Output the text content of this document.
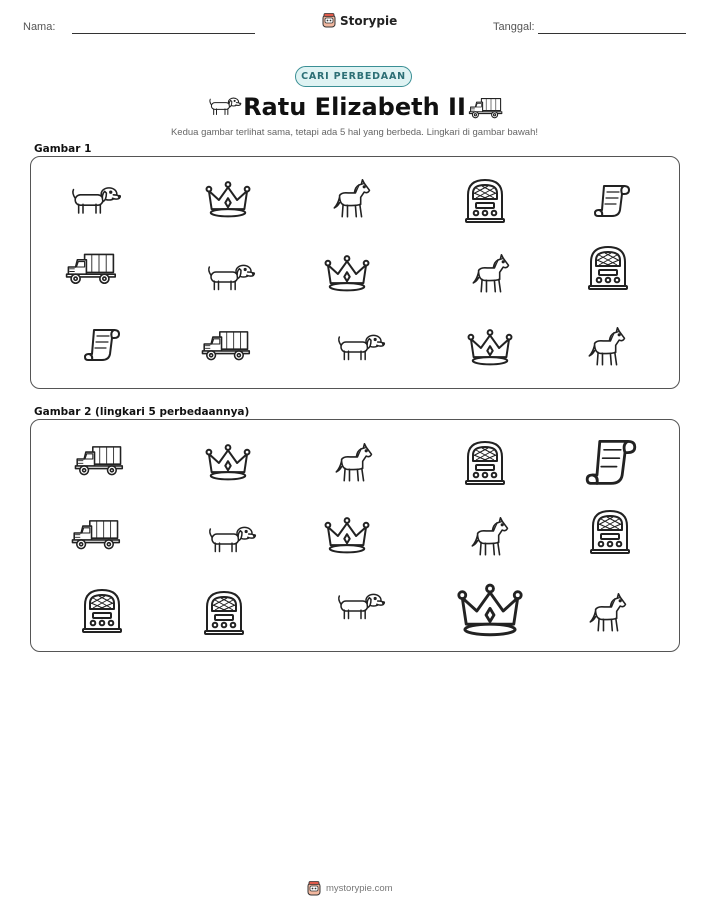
Nama:	Storypie	Tanggal:
CARI PERBEDAAN
Ratu Elizabeth II
Kedua gambar terlihat sama, tetapi ada 5 hal yang berbeda. Lingkari di gambar bawah!
Gambar 1
Gambar 2 (lingkari 5 perbedaannya)
mystorypie.com
